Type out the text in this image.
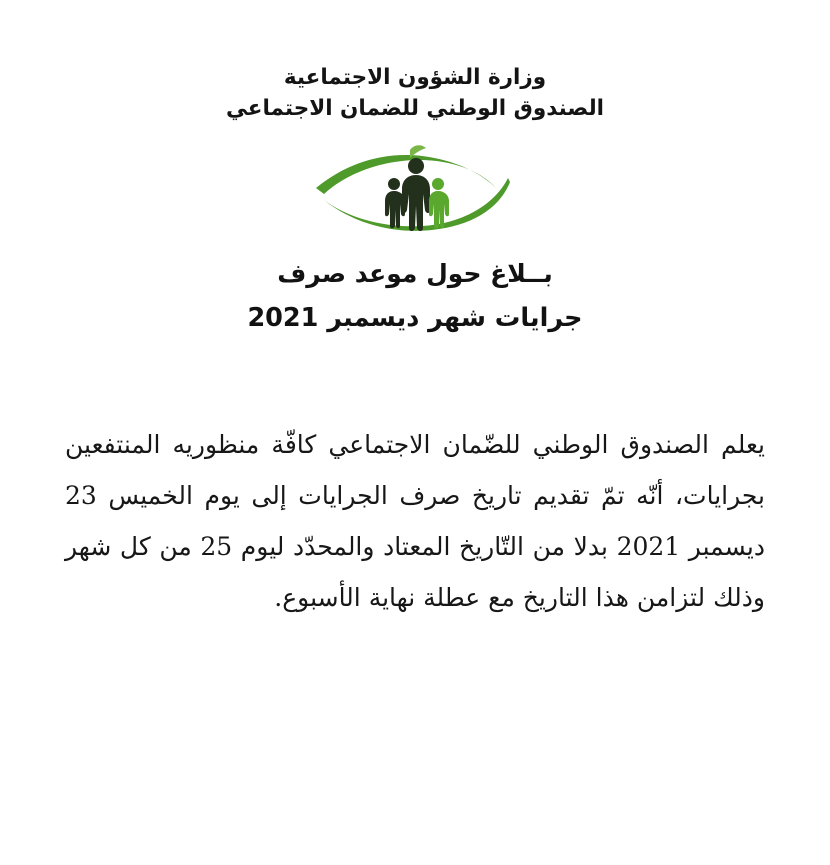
وزارة الشؤون الاجتماعية
الصندوق الوطني للضمان الاجتماعي
بــلاغ حول موعد صرف
جرايات شهر ديسمبر 2021

يعلم الصندوق الوطني للضّمان الاجتماعي كافّة منظوريه المنتفعين بجرايات، أنّه تمّ تقديم تاريخ صرف الجرايات إلى يوم الخميس 23 ديسمبر 2021 بدلا من التّاريخ المعتاد والمحدّد ليوم 25 من كل شهر وذلك لتزامن هذا التاريخ مع عطلة نهاية الأسبوع.
